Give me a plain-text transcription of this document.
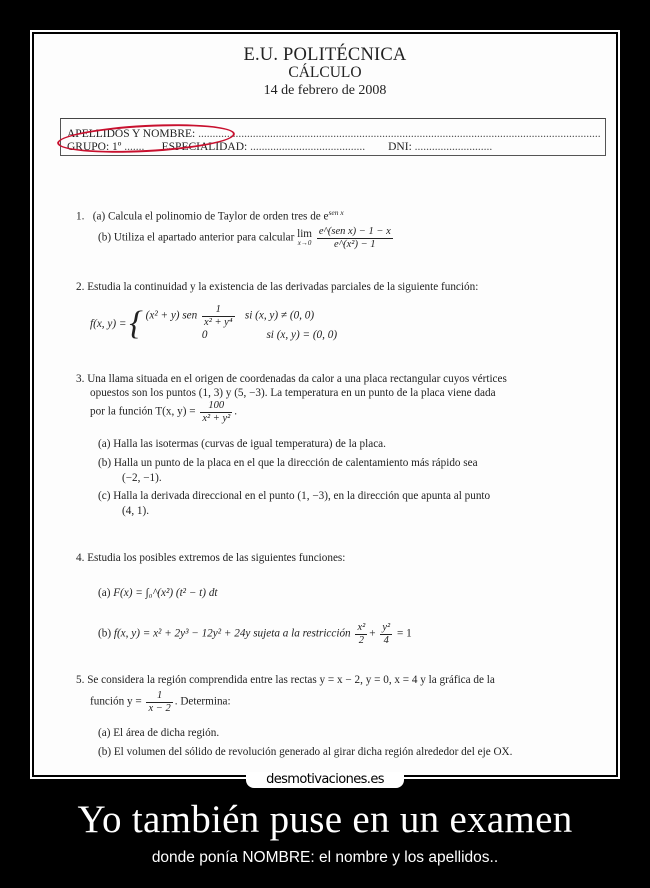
E.U. POLITÉCNICA
CÁLCULO
14 de febrero de 2008
APELLIDOS Y NOMBRE: ............................................................................................................................................
GRUPO: 1º ....... ESPECIALIDAD: ........................................ DNI: ...........................
1. (a) Calcula el polinomio de Taylor de orden tres de $e^{sen x}$
(b) Utiliza el apartado anterior para calcular lim
x→0
$\frac{\text{e\textasciicircum{}(sen x) − 1 − x}}{\text{e\textasciicircum{}(x²) − 1}}$
2. Estudia la continuidad y la existencia de las derivadas parciales de la siguiente función:
f(x, y) = { (x² + y) sen $\frac{1}{\text{x² + y⁴}}$ si (x, y) ≠ (0, 0)
0	si (x, y) = (0, 0)
3. Una llama situada en el origen de coordenadas da calor a una placa rectangular cuyos vértices
opuestos son los puntos (1, 3) y (5, −3). La temperatura en un punto de la placa viene dada
por la función T(x, $y) = \frac{100}{\text{x² + y²}}$ .
(a) Halla las isotermas (curvas de igual temperatura) de la placa.
(b) Halla un punto de la placa en el que la dirección de calentamiento más rápido sea
(−2, −1).
(c) Halla la derivada direccional en el punto (1, −3), en la dirección que apunta al punto
(4, 1).
4. Estudia los posibles extremos de las siguientes funciones:
(a) F(x) = ∫₀^(x²) (t² − t) dt
(b) f(x, y) = x² + 2y³ − 12y² + 24y sujeta a la restricción $\frac{\text{x²}}{2} + \frac{\text{y²}}{4} = 1$
5. Se considera la región comprendida entre las rectas y = x − 2, y = 0, x = 4 y la gráfica de la
función $y = \frac{1}{x - 2}$ . Determina:
(a) El área de dicha región.
(b) El volumen del sólido de revolución generado al girar dicha región alrededor del eje OX.
desmotivaciones.es
Yo también puse en un examen
donde ponía NOMBRE: el nombre y los apellidos..
